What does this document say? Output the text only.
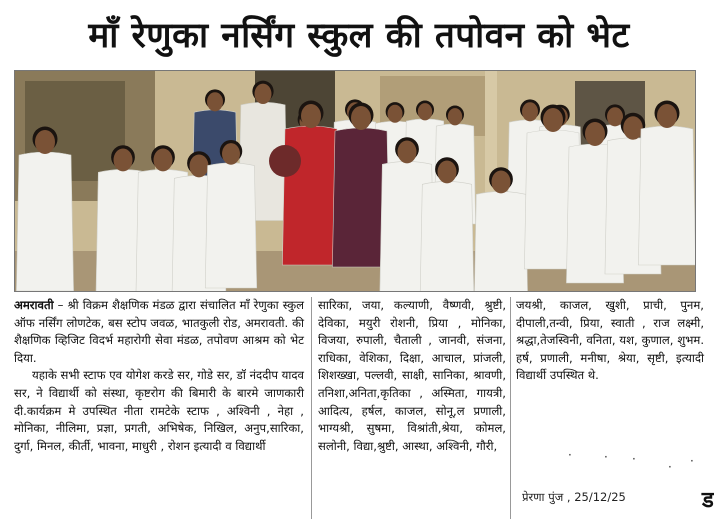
माँ रेणुका नर्सिंग स्कुल की तपोवन को भेट

अमरावती – श्री विक्रम शैक्षणिक मंडळ द्वारा संचालित माँ रेणुका स्कुल ऑफ नर्सिंग लोणटेक, बस स्टोप जवळ, भातकुली रोड, अमरावती. की शैक्षणिक व्हिजिट विदर्भ महारोगी सेवा मंडळ, तपोवण आश्रम को भेट दिया.

यहाके सभी स्टाफ एव योगेश करडे सर, गोडे सर, डॉ नंददीप यादव सर, ने विद्यार्थी को संस्था, कृष्टरोग की बिमारी के बारमे जाणकारी दी.कार्यक्रम मे उपस्थित नीता रामटेके स्टाफ , अश्विनी , नेहा , मोनिका, नीलिमा, प्रज्ञा, प्रगती, अभिषेक, निखिल, अनुप,सारिका, दुर्गा, मिनल, कीर्ती, भावना, माधुरी , रोशन इत्यादी व विद्यार्थी

सारिका, जया, कल्याणी, वैष्णवी, श्रुष्टी, देविका, मयुरी रोशनी, प्रिया , मोनिका, विजया, रुपाली, चैताली , जानवी, संजना, राधिका, वेशिका, दिक्षा, आचाल, प्रांजली, शिशख्खा, पल्लवी, साक्षी, सानिका, श्रावणी, तनिशा,अनिता,कृतिका , अस्मिता, गायत्री, आदित्य, हर्षल, काजल, सोनू,ल प्रणाली, भाग्यश्री, सुषमा, विश्रांती,श्रेया, कोमल, सलोनी, विद्या,श्रुष्टी, आस्था, अश्विनी, गौरी,

जयश्री, काजल, खुशी, प्राची, पुनम, दीपाली,तन्वी, प्रिया, स्वाती , राज लक्ष्मी, श्रद्धा,तेजस्विनी, वनिता, यश, कुणाल, शुभम. हर्ष, प्रणाली, मनीषा, श्रेया, सृष्टी, इत्यादी विद्यार्थी उपस्थित थे.

·	· ·
· ·
प्रेरणा पुंज , 25/12/25	ड
